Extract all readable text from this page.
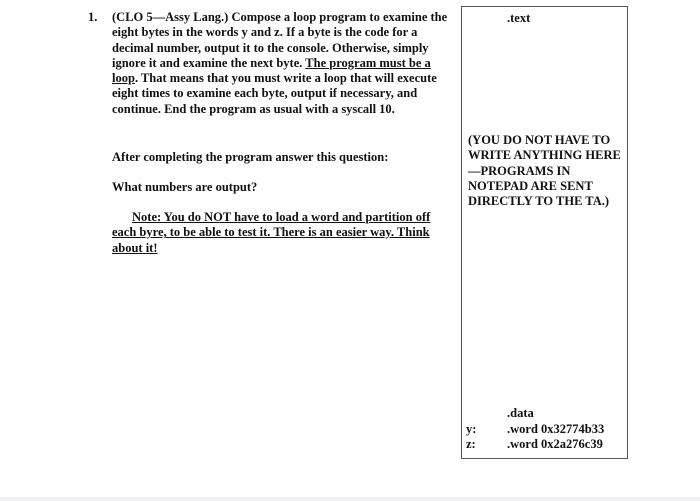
1.	(CLO 5—Assy Lang.) Compose a loop program to examine the eight bytes in the words y and z. If a byte is the code for a decimal number, output it to the console. Otherwise, simply ignore it and examine the next byte. The program must be a loop. That means that you must write a loop that will execute eight times to examine each byte, output if necessary, and continue. End the program as usual with a syscall 10.
After completing the program answer this question:
What numbers are output?
Note: You do NOT have to load a word and partition off each byre, to be able to test it. There is an easier way. Think about it!
.text
(YOU DO NOT HAVE TO WRITE ANYTHING HERE—PROGRAMS IN NOTEPAD ARE SENT DIRECTLY TO THE TA.)
.data
y:	.word 0x32774b33
z:	.word 0x2a276c39
